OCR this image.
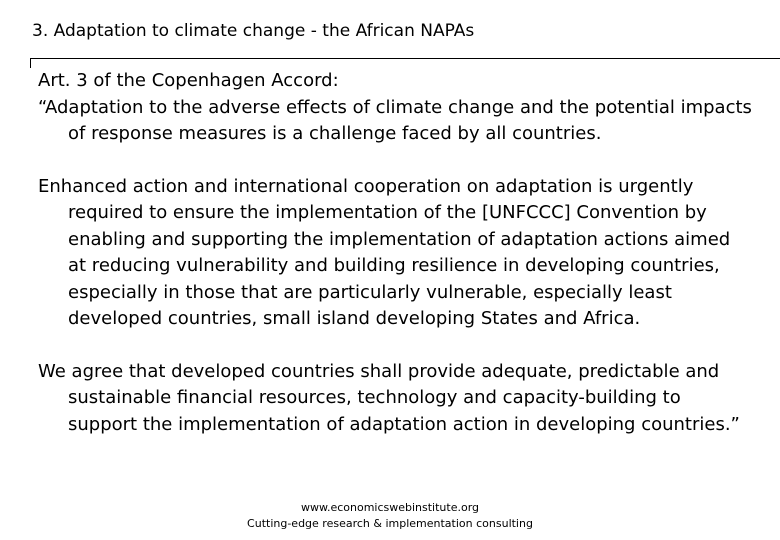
3. Adaptation to climate change - the African NAPAs

Art. 3 of the Copenhagen Accord:

“Adaptation to the adverse effects of climate change and the potential impacts of response measures is a challenge faced by all countries.

Enhanced action and international cooperation on adaptation is urgently required to ensure the implementation of the [UNFCCC] Convention by enabling and supporting the implementation of adaptation actions aimed at reducing vulnerability and building resilience in developing countries, especially in those that are particularly vulnerable, especially least developed countries, small island developing States and Africa.

We agree that developed countries shall provide adequate, predictable and sustainable financial resources, technology and capacity-building to support the implementation of adaptation action in developing countries.”

www.economicswebinstitute.org
Cutting-edge research & implementation consulting
